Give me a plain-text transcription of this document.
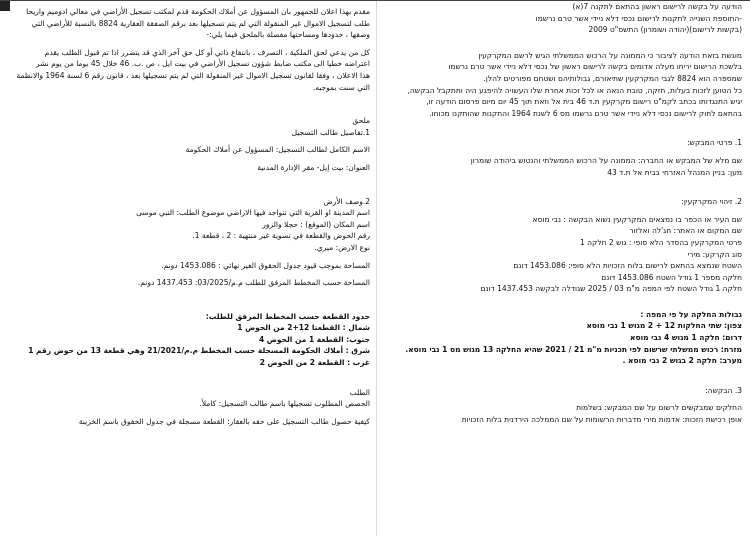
مقدم بهذا اعلان للجمهور بان المسؤول عن أملاك الحكومة قدم لمكتب تسجيل الأراضي في معالي ادوميم واريحا
طلب لتسجيل الاموال غير المنقولة التي لم يتم تسجيلها بعد برقم الصفقة العقارية 8824 بالنسبة للأراضي التي
وصفها ، حدودها ومساحتها مفصلة بالملحق فيما يلي:-
كل من يدعي لحق الملكية ، التصرف ، بانتفاع ذاتي أو كل حق آخر الذي قد يتضرر اذا تم قبول الطلب يقدم
اعتراضه خطيا الى مكتب ضابط شؤون تسجيل الأراضي في بيت ايل ، ص .ب. 46 خلال 45 يوما من يوم نشر
هذا الاعلان ، وفقا لقانون تسجيل الاموال غير المنقولة التي لم يتم تسجيلها بعد ، قانون رقم 6 لسنة 1964 والانظمة
التي سنت بموجبه.
ملحق
1.تفاصيل طالب التسجيل
الاسم الكامل لطالب التسجيل: المسؤول عن أملاك الحكومة
العنوان: بيت إيل- مقر الإدارة المدنية
2.وصف الأرض
اسم المدينة او القرية التي تتواجد فيها الاراضي موضوع الطلب: النبي موسى
اسم المكان (الموقع) : حجلا والزور
رقم الحوض والقطعة في تسوية غير منتهية : 2 ، قطعة 1.
نوع الارض: ميري.
المساحة بموجب قيود جدول الحقوق الغير نهائي : 1453.086 دونم.
المساحة حسب المخطط المرفق للطلب م.م/03/2025: 1437.453 دونم.
حدود القطعة حسب المخطط المرفق للطلب:
شمال : القطعتا 12+2 من الحوض 1
جنوب: القطعة 1 من الحوض 4
شرق : أملاك الحكومة المسجلة حسب المخطط م.م/21/2021 وهي قطعة 13 من حوض رقم 1
غرب : القطعة 2 من الحوض 2
الطلب
الحصص المطلوب تسجيلها باسم طالب التسجيل: كاملأ.
كيفية حصول طالب التسجيل على حقه بالعقار: القطعة مسجلة في جدول الحقوق باسم الخزينة
הודעה על בקשה לרישום ראשון בהתאם לתקנה 7(א)
-התוספת השנייה לתקנות לרישום נכסי דלא ניידי אשר טרם נרשמו
(בקשות לרישום)(יהודה ושומרון) התשס"ט 2009
מוגשת בזאת הודעה לציבור כי הממונה על הרכוש הממשלתי הגיש לרשם המקרקעין
בלשכת הרישום יריחו מעלה אדומים בקשה לרישום ראשון של נכסי דלא ניידי אשר טרם נרשמו
שמספרה הוא 8824 לגבי המקרקעין שתיאורם, גבולותיהם ושטחם מפורטים להלן.
כל הטוען לזכות בעלות, חזקה, טובת הנאה או לכל זכות אחרת שלו העשויה להיפגע היה ותתקבל הבקשה,
יגיש התנגדותו בכתב לקמ"ט רישום מקרקעין ת.ד 46 בית אל וזאת תוך 45 יום מיום פרסום הודעה זו,
בהתאם לחוק לרישום נכסי דלא ניידי אשר טרם נרשמו מס 6 לשנת 1964 והתקנות שהותקנו מכוחו.
1. פרטי המבקש:
שם מלא של המבקש או החברה: הממונה על הרכוש הממשלתי והנטוש ביהודה שומרון
מען: בניין המנהל האזרחי בבית אל ת.ד 43
2. זיהוי המקרקעין:
שם העיר או הכפר בו נמצאים המקרקעין נשוא הבקשה : נבי מוסא
שם המקום או האתר: חג'לה ואלזור
פרטי המקרקעין בהסדר הלא סופי : גוש 2 חלקה 1
סוג הקרקע: מירי
השטח שנמצא בהתאם לרישום בלוח הזכויות הלא סופי: 1453.086 דונם
חלקה מספר 1 גודל השטח 1453.086 דונם
חלקה 1 גודל השטח לפי המפה מ"מ 03 / 2025 שגודלה לבקשה 1437.453 דונם
גבולות החלקה על פי המפה :
צפון: שתי החלקות 12 + 2 מגוש 1 נבי מוסא
דרום: חלקה 1 מגוש 4 נבי מוסא
מזרח: רכוש ממשלתי שרשום לפי תכניות מ"מ 21 / 2021 שהיא החלקה 13 מגוש מס 1 נבי מוסא.
מערב: חלקה 2 בגוש 2 נבי מוסא .
3. הבקשה:
החלקים שמבקשים לרשום על שם המבקש: בשלמות
אופן רכישת הזכות: אדמות מירי מדברות הרשומות על שם הממלכה הירדנית בלוח הזכויות
